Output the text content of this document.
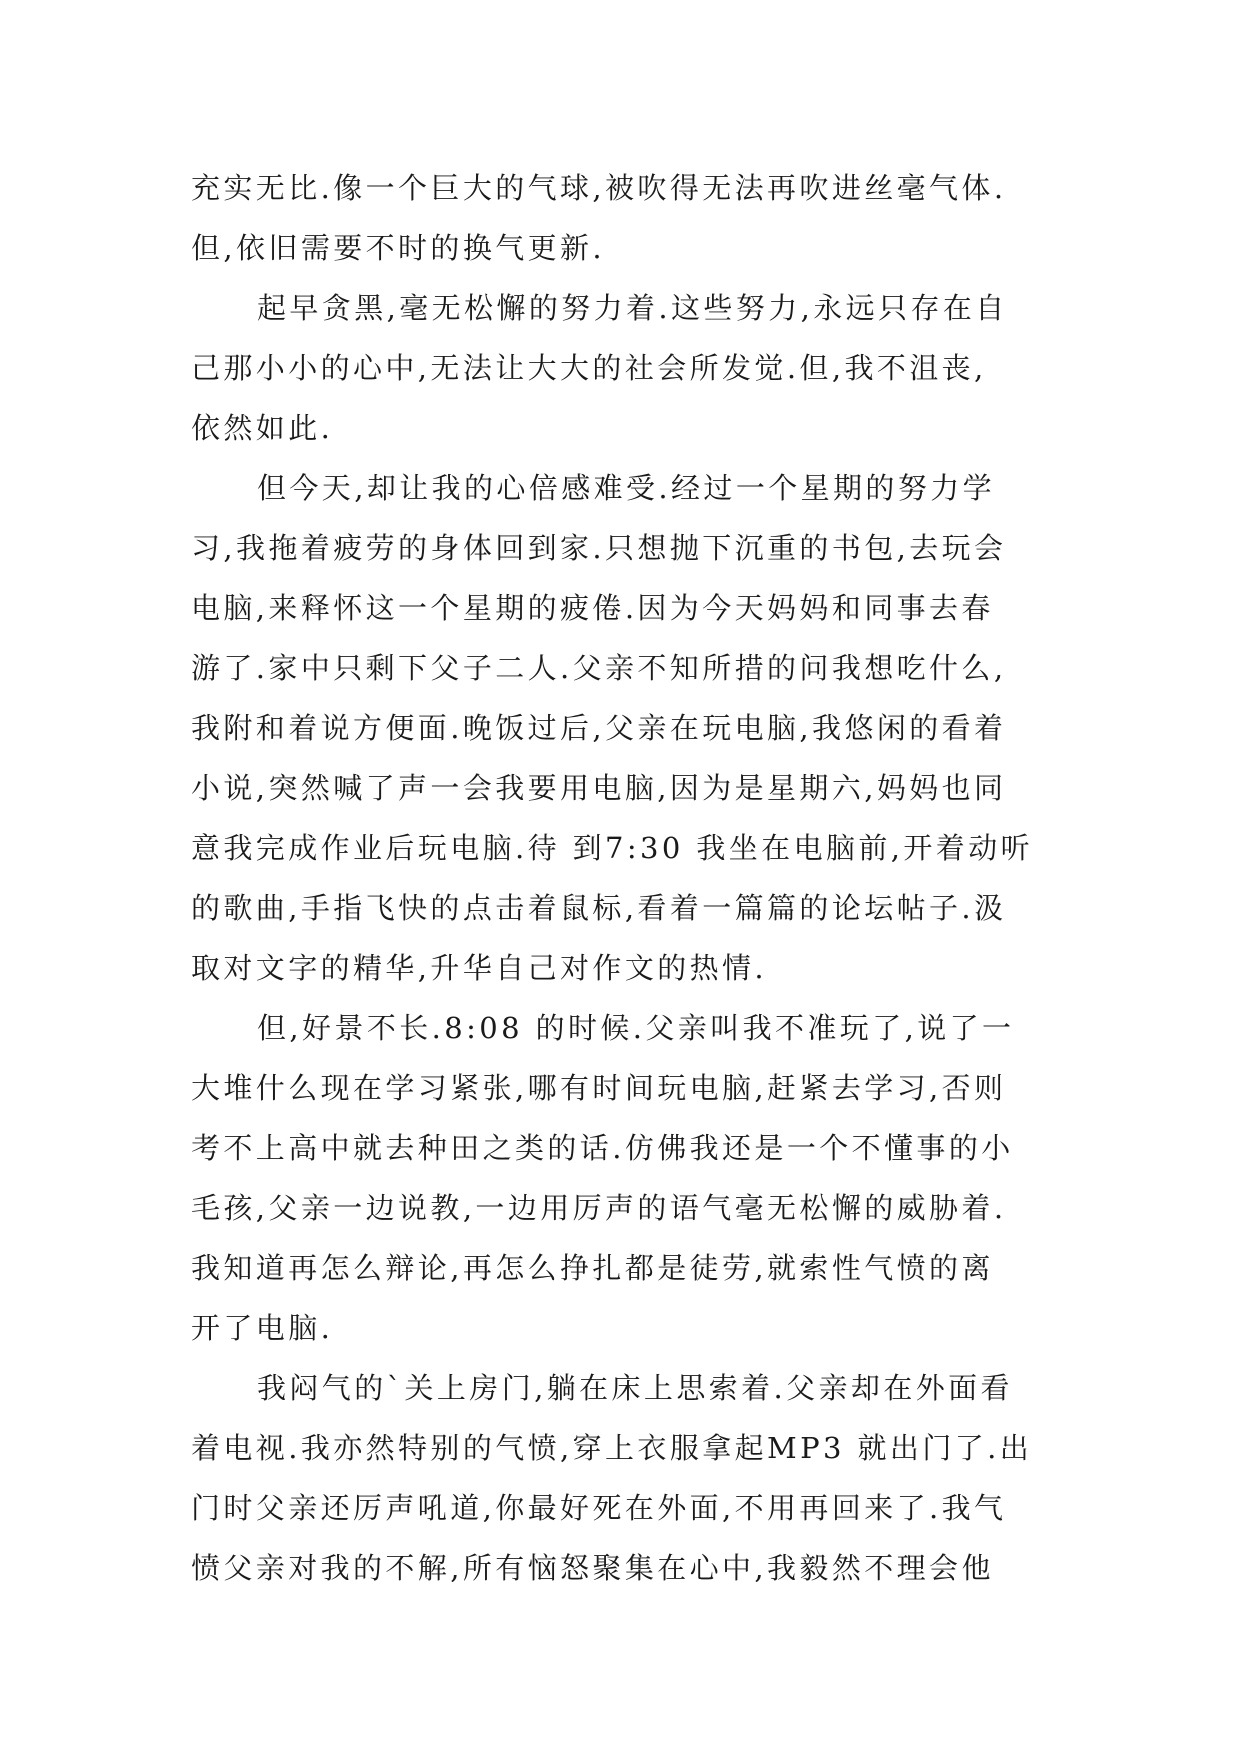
充实无比.像一个巨大的气球,被吹得无法再吹进丝毫气体.
但,依旧需要不时的换气更新.
起早贪黑,毫无松懈的努力着.这些努力,永远只存在自
己那小小的心中,无法让大大的社会所发觉.但,我不沮丧,
依然如此.
但今天,却让我的心倍感难受.经过一个星期的努力学
习,我拖着疲劳的身体回到家.只想抛下沉重的书包,去玩会
电脑,来释怀这一个星期的疲倦.因为今天妈妈和同事去春
游了.家中只剩下父子二人.父亲不知所措的问我想吃什么,
我附和着说方便面.晚饭过后,父亲在玩电脑,我悠闲的看着
小说,突然喊了声一会我要用电脑,因为是星期六,妈妈也同
意我完成作业后玩电脑.待 到7:30 我坐在电脑前,开着动听
的歌曲,手指飞快的点击着鼠标,看着一篇篇的论坛帖子.汲
取对文字的精华,升华自己对作文的热情.
但,好景不长.8:08 的时候.父亲叫我不准玩了,说了一
大堆什么现在学习紧张,哪有时间玩电脑,赶紧去学习,否则
考不上高中就去种田之类的话.仿佛我还是一个不懂事的小
毛孩,父亲一边说教,一边用厉声的语气毫无松懈的威胁着.
我知道再怎么辩论,再怎么挣扎都是徒劳,就索性气愤的离
开了电脑.
我闷气的`关上房门,躺在床上思索着.父亲却在外面看
着电视.我亦然特别的气愤,穿上衣服拿起MP3 就出门了.出
门时父亲还厉声吼道,你最好死在外面,不用再回来了.我气
愤父亲对我的不解,所有恼怒聚集在心中,我毅然不理会他
